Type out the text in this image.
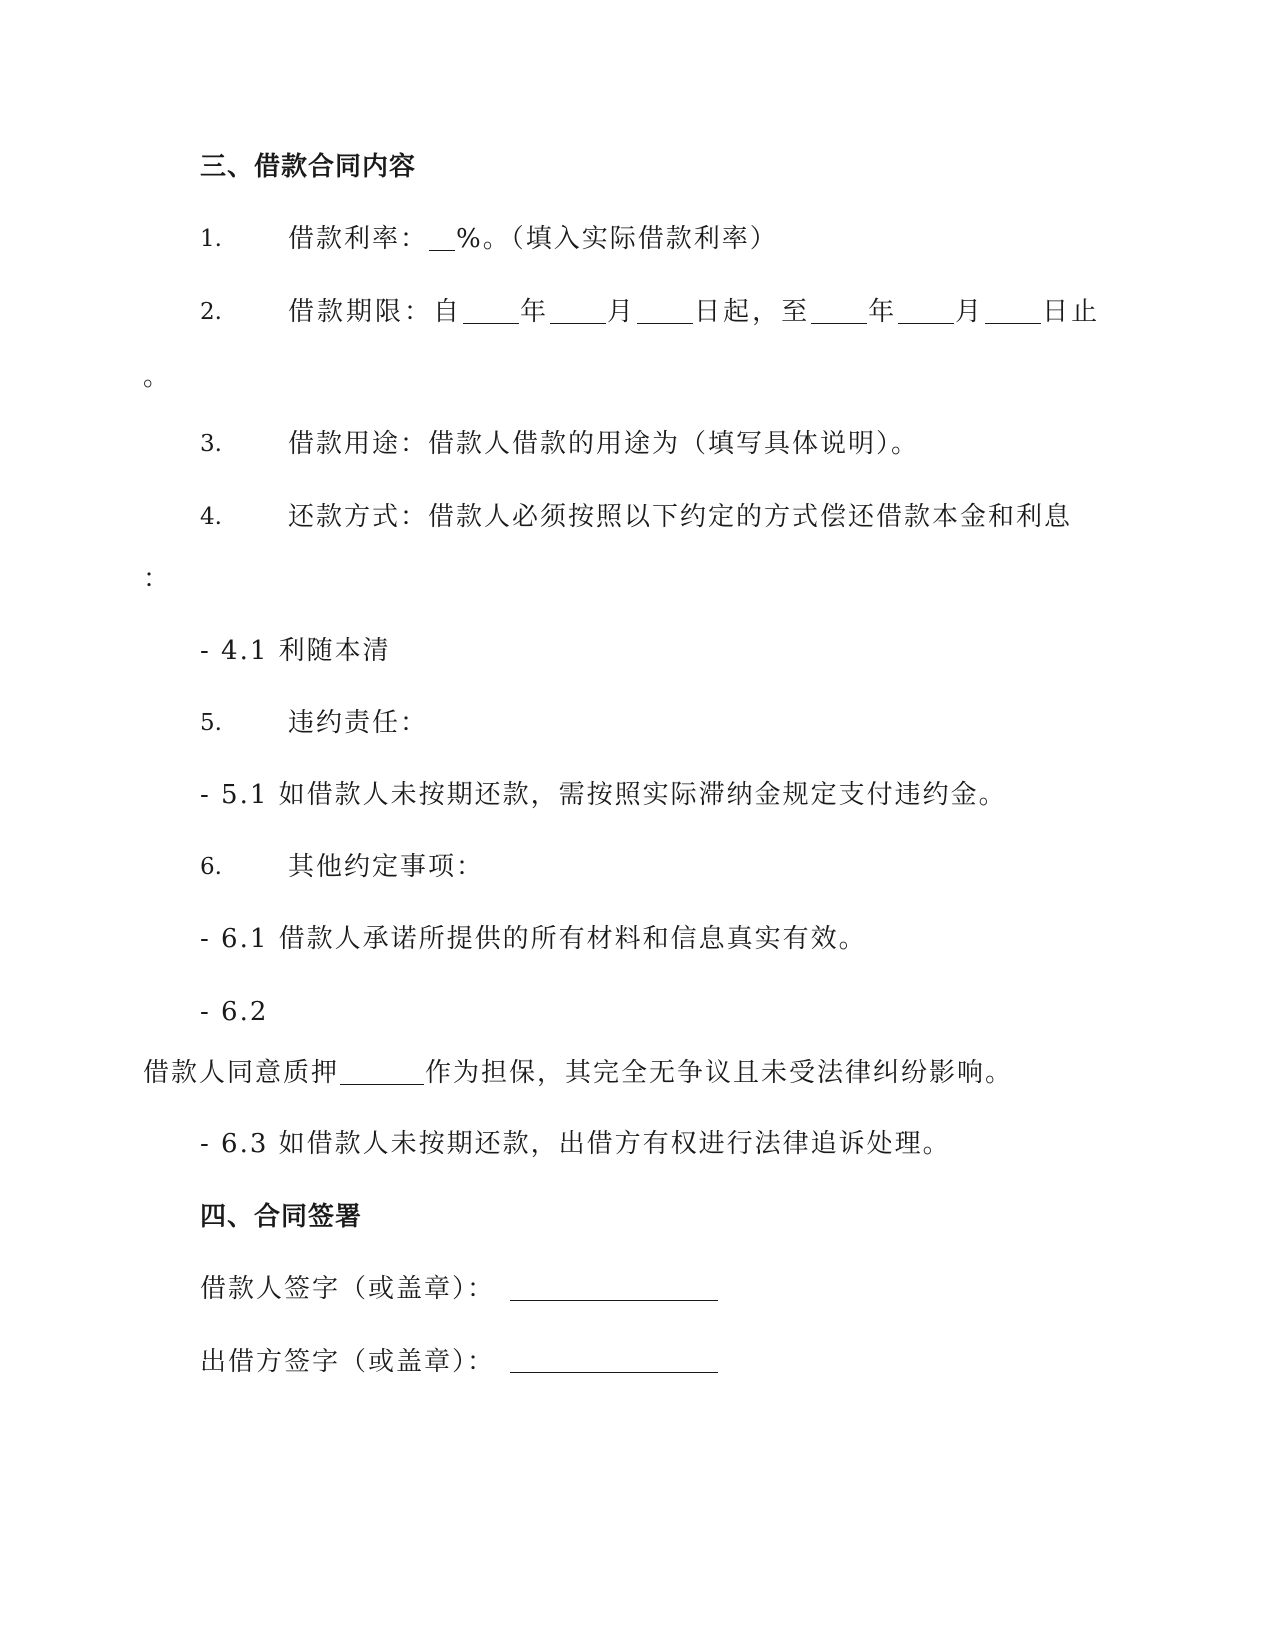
三、借款合同内容
1.	借款利率： %。（填入实际借款利率）
2.	借款期限：自 年 月 日起，至 年 月 日止
。
3.	借款用途：借款人借款的用途为（填写具体说明）。
4.	还款方式：借款人必须按照以下约定的方式偿还借款本金和利息
：
- 4.1 利随本清
5.	违约责任：
- 5.1 如借款人未按期还款，需按照实际滞纳金规定支付违约金。
6.	其他约定事项：
- 6.1 借款人承诺所提供的所有材料和信息真实有效。
- 6.2
借款人同意质押	作为担保，其完全无争议且未受法律纠纷影响。
- 6.3 如借款人未按期还款，出借方有权进行法律追诉处理。
四、合同签署
借款人签字（或盖章）：
出借方签字（或盖章）：
